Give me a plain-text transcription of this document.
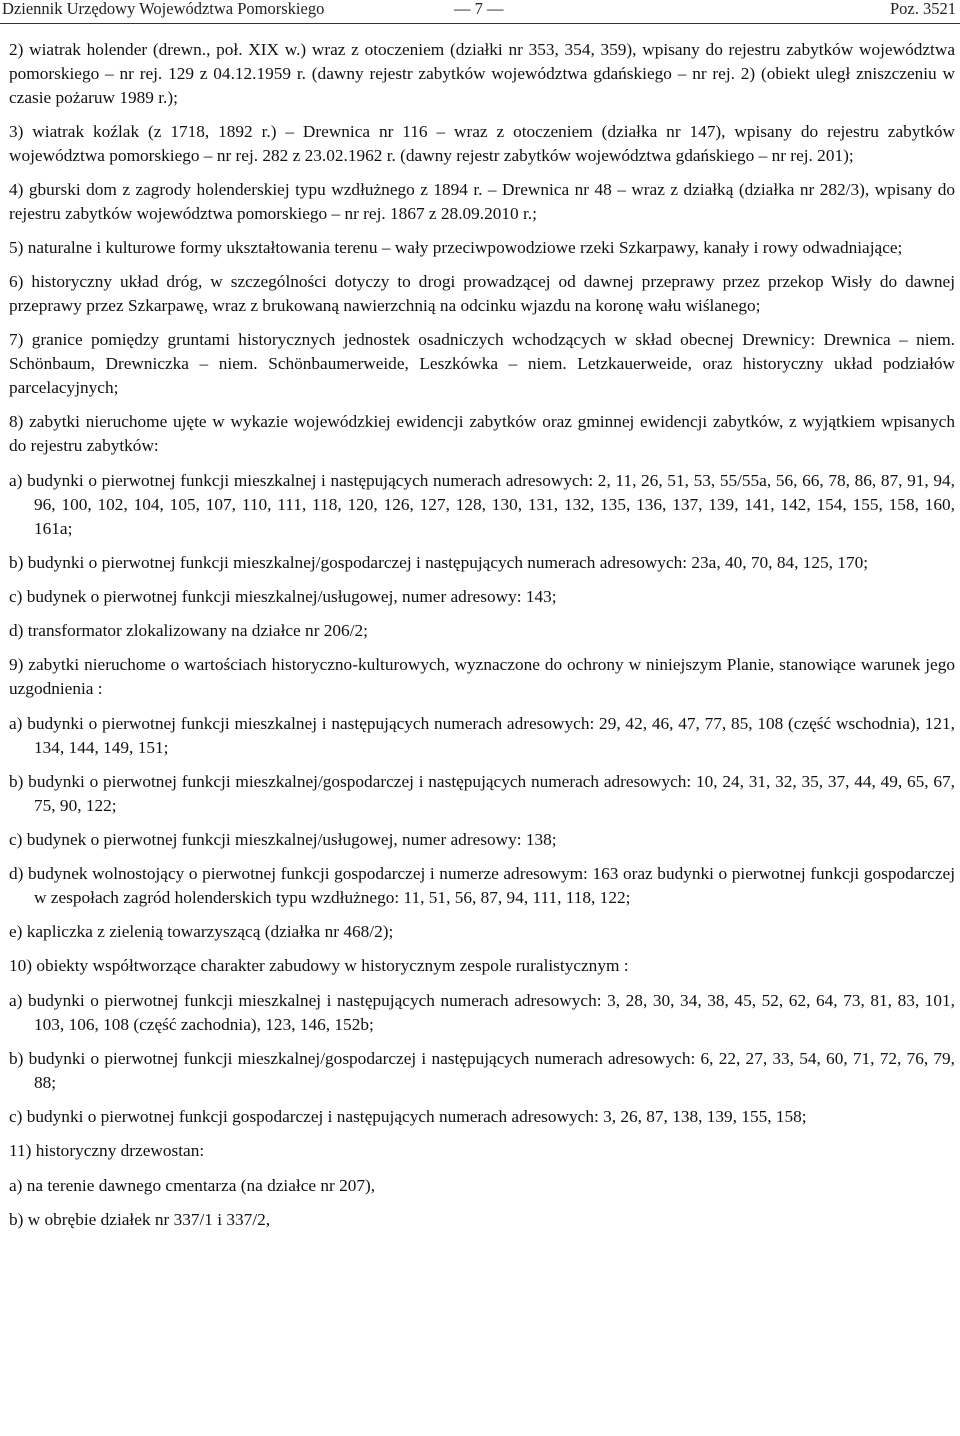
Dziennik Urzędowy Województwa Pomorskiego	— 7 —	Poz. 3521

2) wiatrak holender (drewn., poł. XIX w.) wraz z otoczeniem (działki nr 353, 354, 359), wpisany do rejestru zabytków województwa pomorskiego – nr rej. 129 z 04.12.1959 r. (dawny rejestr zabytków województwa gdańskiego – nr rej. 2) (obiekt uległ zniszczeniu w czasie pożaruw 1989 r.);

3) wiatrak koźlak (z 1718, 1892 r.) – Drewnica nr 116 – wraz z otoczeniem (działka nr 147), wpisany do rejestru zabytków województwa pomorskiego – nr rej. 282 z 23.02.1962 r. (dawny rejestr zabytków województwa gdańskiego – nr rej. 201);

4) gburski dom z zagrody holenderskiej typu wzdłużnego z 1894 r. – Drewnica nr 48 – wraz z działką (działka nr 282/3), wpisany do rejestru zabytków województwa pomorskiego – nr rej. 1867 z 28.09.2010 r.;

5) naturalne i kulturowe formy ukształtowania terenu – wały przeciwpowodziowe rzeki Szkarpawy, kanały i rowy odwadniające;

6) historyczny układ dróg, w szczególności dotyczy to drogi prowadzącej od dawnej przeprawy przez przekop Wisły do dawnej przeprawy przez Szkarpawę, wraz z brukowaną nawierzchnią na odcinku wjazdu na koronę wału wiślanego;

7) granice pomiędzy gruntami historycznych jednostek osadniczych wchodzących w skład obecnej Drewnicy: Drewnica – niem. Schönbaum, Drewniczka – niem. Schönbaumerweide, Leszkówka – niem. Letzkauerweide, oraz historyczny układ podziałów parcelacyjnych;

8) zabytki nieruchome ujęte w wykazie wojewódzkiej ewidencji zabytków oraz gminnej ewidencji zabytków, z wyjątkiem wpisanych do rejestru zabytków:

a) budynki o pierwotnej funkcji mieszkalnej i następujących numerach adresowych: 2, 11, 26, 51, 53, 55/55a, 56, 66, 78, 86, 87, 91, 94, 96, 100, 102, 104, 105, 107, 110, 111, 118, 120, 126, 127, 128, 130, 131, 132, 135, 136, 137, 139, 141, 142, 154, 155, 158, 160, 161a;

b) budynki o pierwotnej funkcji mieszkalnej/gospodarczej i następujących numerach adresowych: 23a, 40, 70, 84, 125, 170;

c) budynek o pierwotnej funkcji mieszkalnej/usługowej, numer adresowy: 143;

d) transformator zlokalizowany na działce nr 206/2;

9) zabytki nieruchome o wartościach historyczno-kulturowych, wyznaczone do ochrony w niniejszym Planie, stanowiące warunek jego uzgodnienia :

a) budynki o pierwotnej funkcji mieszkalnej i następujących numerach adresowych: 29, 42, 46, 47, 77, 85, 108 (część wschodnia), 121, 134, 144, 149, 151;

b) budynki o pierwotnej funkcji mieszkalnej/gospodarczej i następujących numerach adresowych: 10, 24, 31, 32, 35, 37, 44, 49, 65, 67, 75, 90, 122;

c) budynek o pierwotnej funkcji mieszkalnej/usługowej, numer adresowy: 138;

d) budynek wolnostojący o pierwotnej funkcji gospodarczej i numerze adresowym: 163 oraz budynki o pierwotnej funkcji gospodarczej w zespołach zagród holenderskich typu wzdłużnego: 11, 51, 56, 87, 94, 111, 118, 122;

e) kapliczka z zielenią towarzyszącą (działka nr 468/2);

10) obiekty współtworzące charakter zabudowy w historycznym zespole ruralistycznym :

a) budynki o pierwotnej funkcji mieszkalnej i następujących numerach adresowych: 3, 28, 30, 34, 38, 45, 52, 62, 64, 73, 81, 83, 101, 103, 106, 108 (część zachodnia), 123, 146, 152b;

b) budynki o pierwotnej funkcji mieszkalnej/gospodarczej i następujących numerach adresowych: 6, 22, 27, 33, 54, 60, 71, 72, 76, 79, 88;

c) budynki o pierwotnej funkcji gospodarczej i następujących numerach adresowych: 3, 26, 87, 138, 139, 155, 158;

11) historyczny drzewostan:

a) na terenie dawnego cmentarza (na działce nr 207),

b) w obrębie działek nr 337/1 i 337/2,
